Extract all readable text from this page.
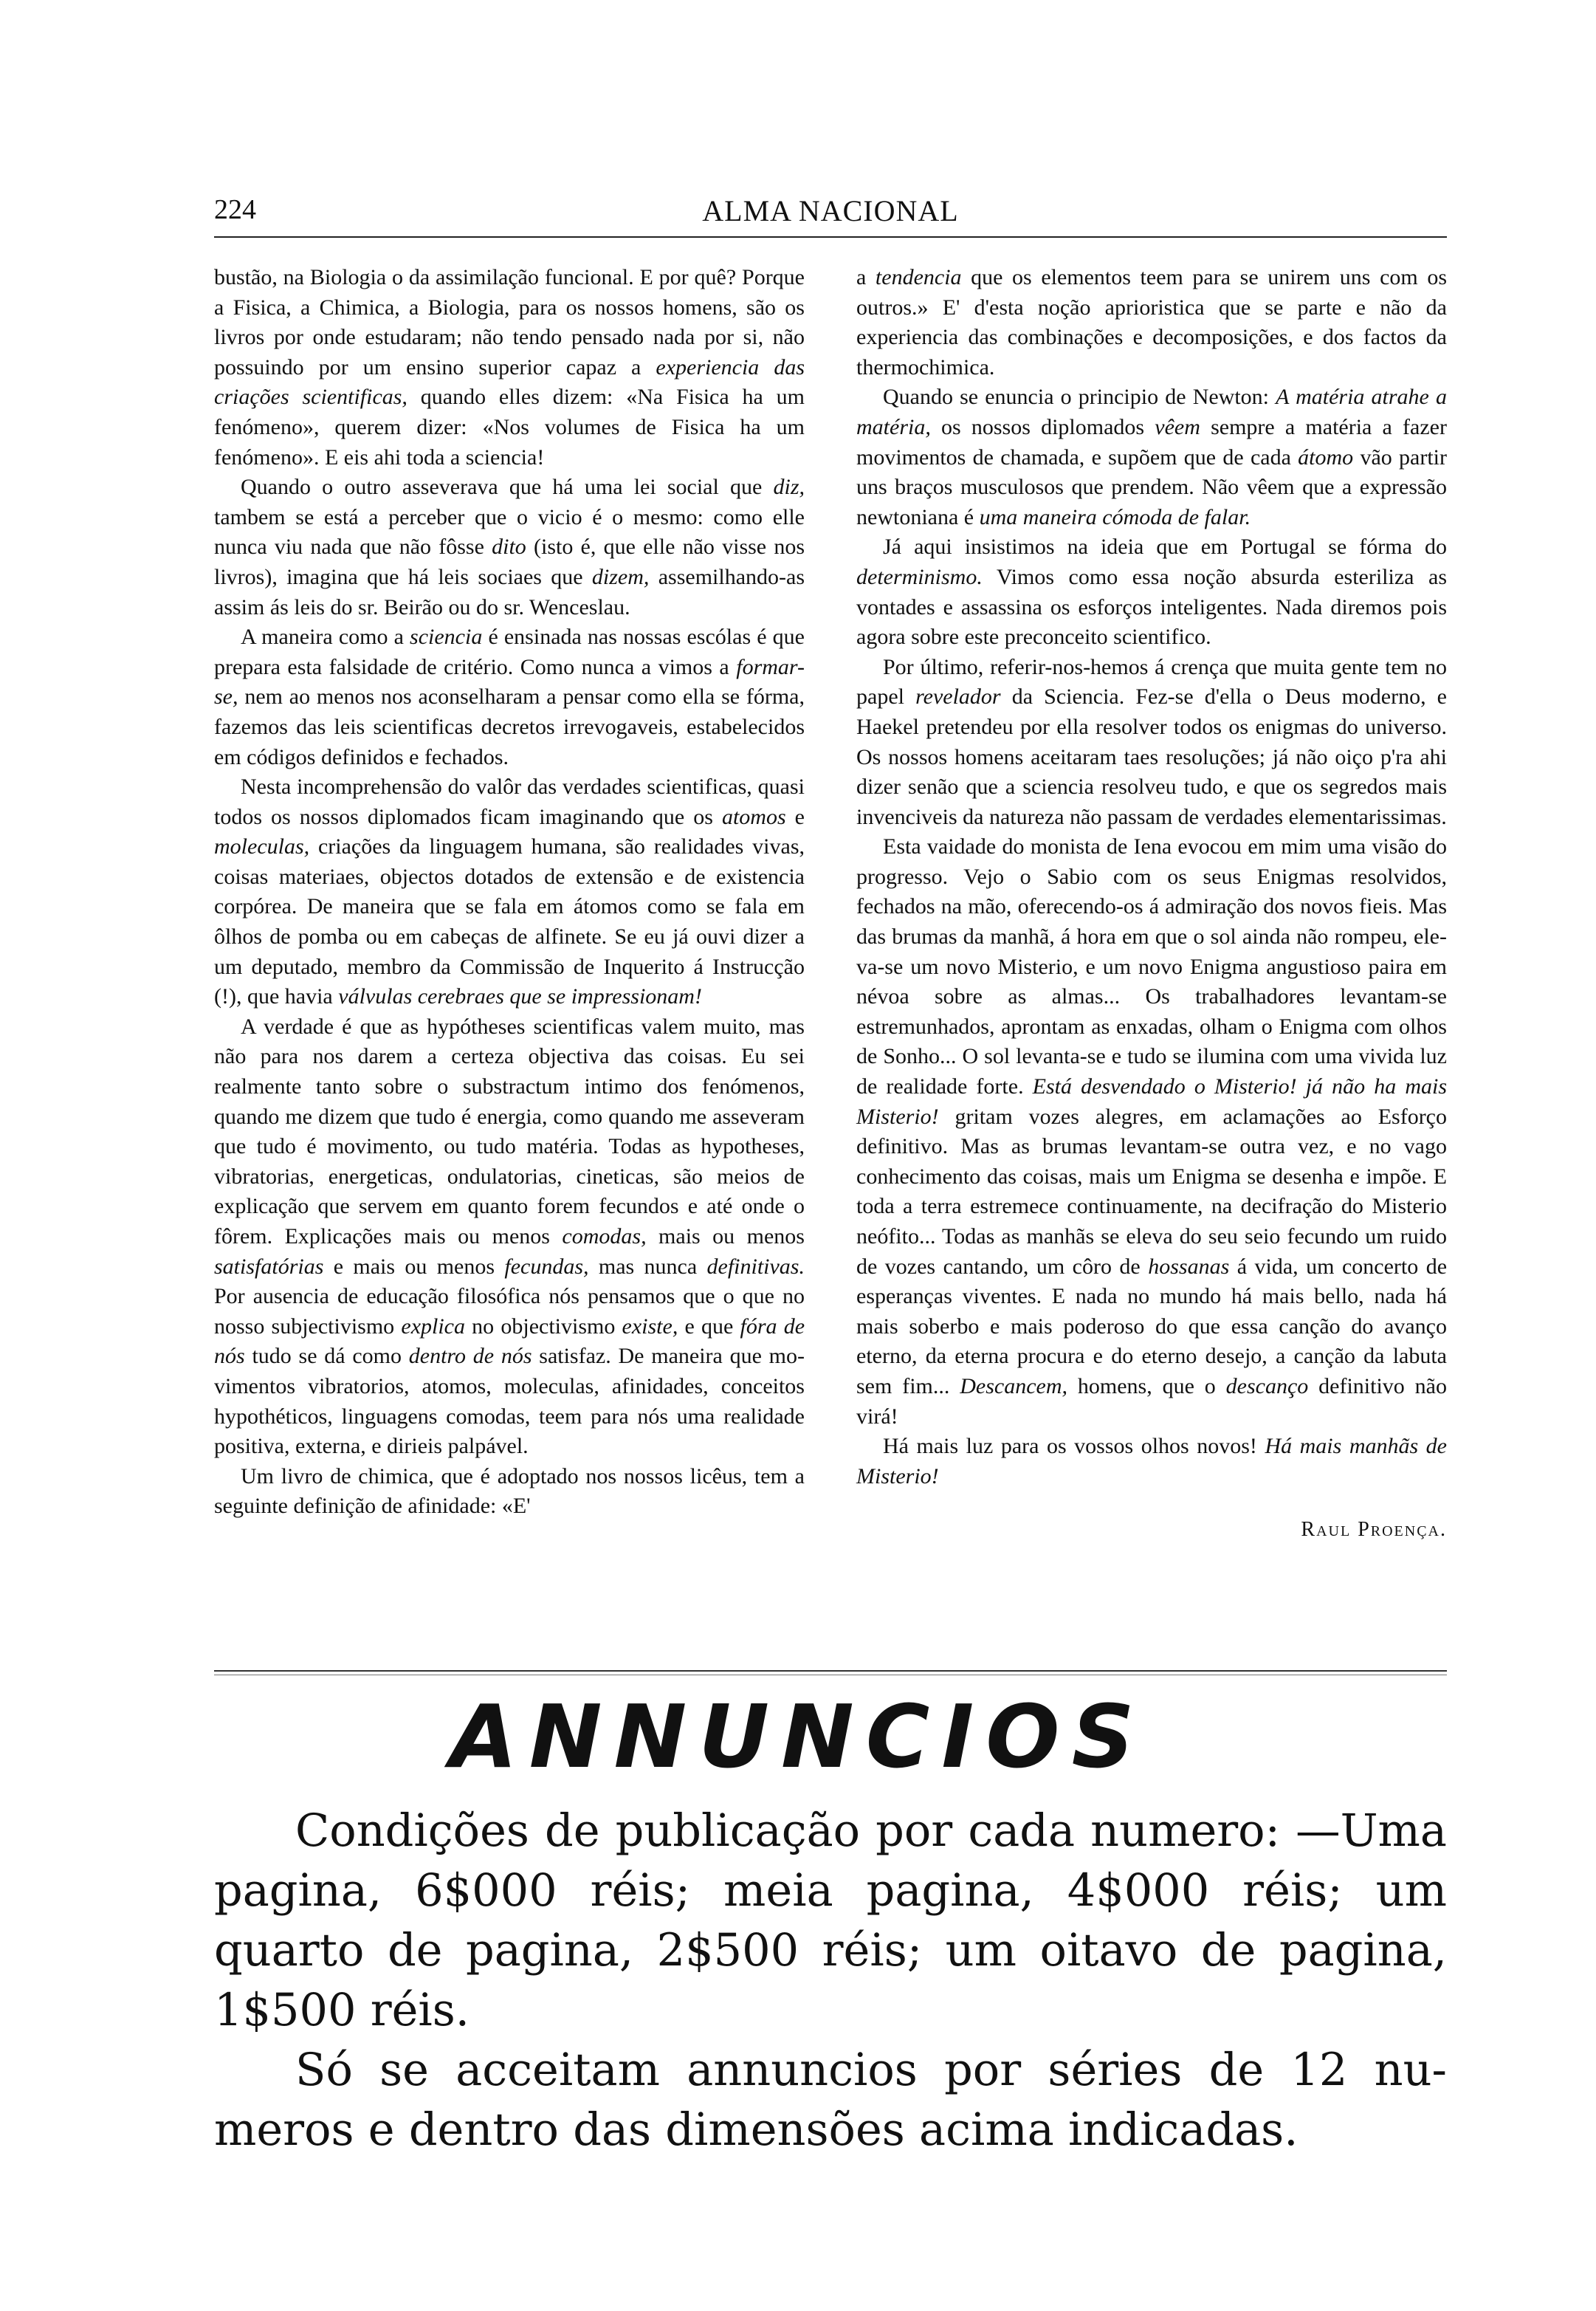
224	ALMA NACIONAL

bustão, na Biologia o da assimilação funcional. E por quê? Porque a Fisica, a Chimica, a Biologia, para os nossos homens, são os livros por onde estudaram; não tendo pensado nada por si, não possuindo por um ensino superior capaz a experiencia das criações scientificas, quando elles dizem: «Na Fisica ha um fenómeno», querem dizer: «Nos volumes de Fisica ha um fenómeno». E eis ahi toda a sciencia!

Quando o outro asseverava que há uma lei social que diz, tambem se está a perceber que o vicio é o mesmo: como elle nunca viu nada que não fôsse dito (isto é, que elle não visse nos livros), imagina que há leis sociaes que dizem, assemilhando-as assim ás leis do sr. Beirão ou do sr. Wenceslau.

A maneira como a sciencia é ensinada nas nossas escólas é que prepara esta falsidade de critério. Como nunca a vimos a formar-se, nem ao menos nos aconselharam a pensar como ella se fórma, fazemos das leis scientificas decretos irrevogaveis, estabelecidos em códigos definidos e fechados.

Nesta incomprehensão do valôr das verdades scientificas, quasi todos os nossos diplomados ficam imaginando que os atomos e moleculas, criações da linguagem humana, são realidades vivas, coisas materiaes, objectos dotados de extensão e de existencia corpórea. De maneira que se fala em átomos como se fala em ôlhos de pomba ou em cabeças de alfinete. Se eu já ouvi dizer a um deputado, membro da Commissão de Inquerito á Instrucção (!), que havia válvulas cerebraes que se impressionam!

A verdade é que as hypótheses scientificas valem muito, mas não para nos darem a certeza objectiva das coisas. Eu sei realmente tanto sobre o substractum intimo dos fenómenos, quando me dizem que tudo é energia, como quando me asseveram que tudo é movimento, ou tudo matéria. Todas as hypotheses, vibratorias, energeticas, ondulatorias, cineticas, são meios de explicação que servem em quanto forem fecundos e até onde o fôrem. Explicações mais ou menos comodas, mais ou menos satisfatórias e mais ou menos fecundas, mas nunca definitivas. Por ausencia de educação filosófica nós pensamos que o que no nosso subjectivismo explica no objectivismo existe, e que fóra de nós tudo se dá como dentro de nós satisfaz. De maneira que movimentos vibratorios, atomos, moleculas, afinidades, conceitos hypothéticos, linguagens comodas, teem para nós uma realidade positiva, externa, e dirieis palpável.

Um livro de chimica, que é adoptado nos nossos licêus, tem a seguinte definição de afinidade: «E'

a tendencia que os elementos teem para se unirem uns com os outros.» E' d'esta noção aprioristica que se parte e não da experiencia das combinações e decomposições, e dos factos da thermochimica.

Quando se enuncia o principio de Newton: A matéria atrahe a matéria, os nossos diplomados vêem sempre a matéria a fazer movimentos de chamada, e supõem que de cada átomo vão partir uns braços musculosos que prendem. Não vêem que a expressão newtoniana é uma maneira cómoda de falar.

Já aqui insistimos na ideia que em Portugal se fórma do determinismo. Vimos como essa noção absurda esteriliza as vontades e assassina os esforços inteligentes. Nada diremos pois agora sobre este preconceito scientifico.

Por último, referir-nos-hemos á crença que muita gente tem no papel revelador da Sciencia. Fez-se d'ella o Deus moderno, e Haekel pretendeu por ella resolver todos os enigmas do universo. Os nossos homens aceitaram taes resoluções; já não oiço p'ra ahi dizer senão que a sciencia resolveu tudo, e que os segredos mais invenciveis da natureza não passam de verdades elementarissimas.

Esta vaidade do monista de Iena evocou em mim uma visão do progresso. Vejo o Sabio com os seus Enigmas resolvidos, fechados na mão, oferecendo-os á admiração dos novos fieis. Mas das brumas da manhã, á hora em que o sol ainda não rompeu, eleva-se um novo Misterio, e um novo Enigma angustioso paira em névoa sobre as almas... Os trabalhadores levantam-se estremunhados, aprontam as enxadas, olham o Enigma com olhos de Sonho... O sol levanta-se e tudo se ilumina com uma vivida luz de realidade forte. Está desvendado o Misterio! já não ha mais Misterio! gritam vozes alegres, em aclamações ao Esforço definitivo. Mas as brumas levantam-se outra vez, e no vago conhecimento das coisas, mais um Enigma se desenha e impõe. E toda a terra estremece continuamente, na decifração do Misterio neófito... Todas as manhãs se eleva do seu seio fecundo um ruido de vozes cantando, um côro de hossanas á vida, um concerto de esperanças viventes. E nada no mundo há mais bello, nada há mais soberbo e mais poderoso do que essa canção do avanço eterno, da eterna procura e do eterno desejo, a canção da labuta sem fim... Descancem, homens, que o descanço definitivo não virá!

Há mais luz para os vossos olhos novos! Há mais manhãs de Misterio!

Raul Proença.

ANNUNCIOS

Condições de publicação por cada numero: —Uma pagina, 6$000 réis; meia pagina, 4$000 réis; um quarto de pagina, 2$500 réis; um oitavo de pagina, 1$500 réis.

Só se acceitam annuncios por séries de 12 numeros e dentro das dimensões acima indicadas.
